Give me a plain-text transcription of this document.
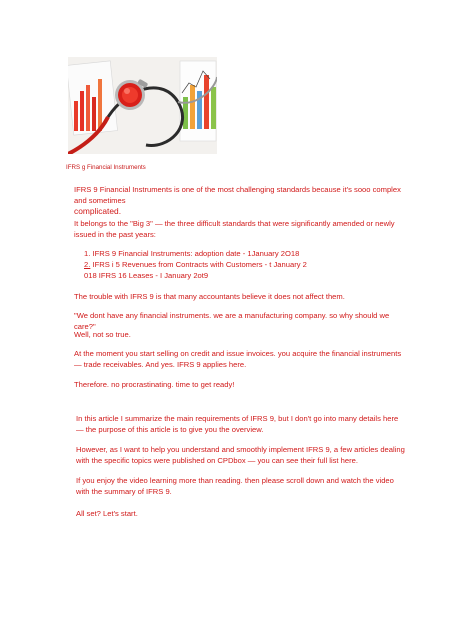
IFRS g Financial Instruments

IFRS 9 Financial Instruments is one of the most challenging standards because it's sooo complex and sometimes

complicated.

It belongs to the "Big 3" — the three difficult standards that were significantly amended or newly issued in the past years:
1. IFRS 9 Financial Instruments: adoption date - 1January 2O18
2. IFRS i 5 Revenues from Contracts with Customers - t January 2
018 IFRS 16 Leases - I January 2ot9
The trouble with IFRS 9 is that many accountants believe it does not affect them.
"We dont have any financial instruments. we are a manufacturing company. so why should we care?"
Well, not so true.
At the moment you start selling on credit and issue invoices. you acquire the financial instruments — trade receivables. And yes. IFRS 9 applies here.
Therefore. no procrastinating. time to get ready!
In this article I summarize the main requirements of IFRS 9, but I don't go into many details here — the purpose of this article is to give you the overview.
However, as I want to help you understand and smoothly implement IFRS 9, a few articles dealing with the specific topics were published on CPDbox — you can see their full list here.
If you enjoy the video learning more than reading. then please scroll down and watch the video with the summary of IFRS 9.
All set? Let's start.
